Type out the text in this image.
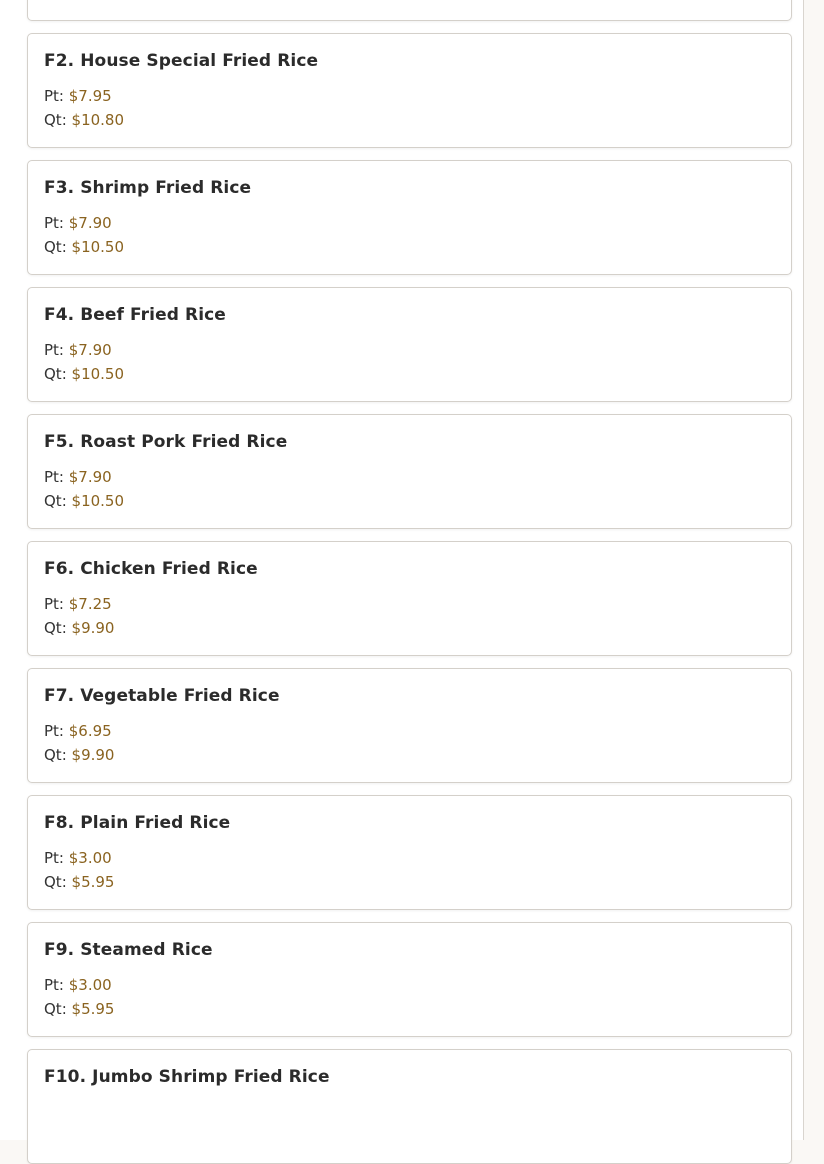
F2. House Special Fried Rice
Pt: $7.95
Qt: $10.80
F3. Shrimp Fried Rice
Pt: $7.90
Qt: $10.50
F4. Beef Fried Rice
Pt: $7.90
Qt: $10.50
F5. Roast Pork Fried Rice
Pt: $7.90
Qt: $10.50
F6. Chicken Fried Rice
Pt: $7.25
Qt: $9.90
F7. Vegetable Fried Rice
Pt: $6.95
Qt: $9.90
F8. Plain Fried Rice
Pt: $3.00
Qt: $5.95
F9. Steamed Rice
Pt: $3.00
Qt: $5.95
F10. Jumbo Shrimp Fried Rice
